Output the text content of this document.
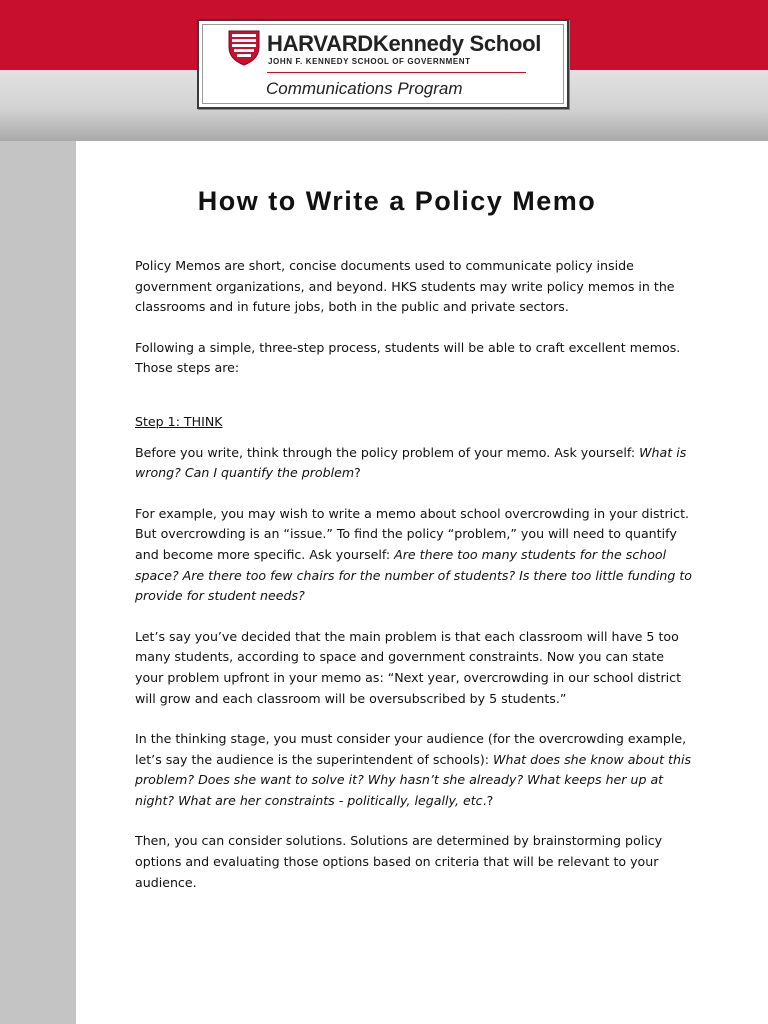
HARVARDKennedy School
JOHN F. KENNEDY SCHOOL OF GOVERNMENT
Communications Program
How to Write a Policy Memo

Policy Memos are short, concise documents used to communicate policy inside government organizations, and beyond. HKS students may write policy memos in the classrooms and in future jobs, both in the public and private sectors.

Following a simple, three-step process, students will be able to craft excellent memos. Those steps are:

Step 1: THINK

Before you write, think through the policy problem of your memo. Ask yourself: What is wrong? Can I quantify the problem?

For example, you may wish to write a memo about school overcrowding in your district. But overcrowding is an “issue.” To find the policy “problem,” you will need to quantify and become more specific. Ask yourself: Are there too many students for the school space? Are there too few chairs for the number of students? Is there too little funding to provide for student needs?

Let’s say you’ve decided that the main problem is that each classroom will have 5 too many students, according to space and government constraints. Now you can state your problem upfront in your memo as: “Next year, overcrowding in our school district will grow and each classroom will be oversubscribed by 5 students.”

In the thinking stage, you must consider your audience (for the overcrowding example, let’s say the audience is the superintendent of schools): What does she know about this problem? Does she want to solve it? Why hasn’t she already? What keeps her up at night? What are her constraints - politically, legally, etc.?

Then, you can consider solutions. Solutions are determined by brainstorming policy options and evaluating those options based on criteria that will be relevant to your audience.
